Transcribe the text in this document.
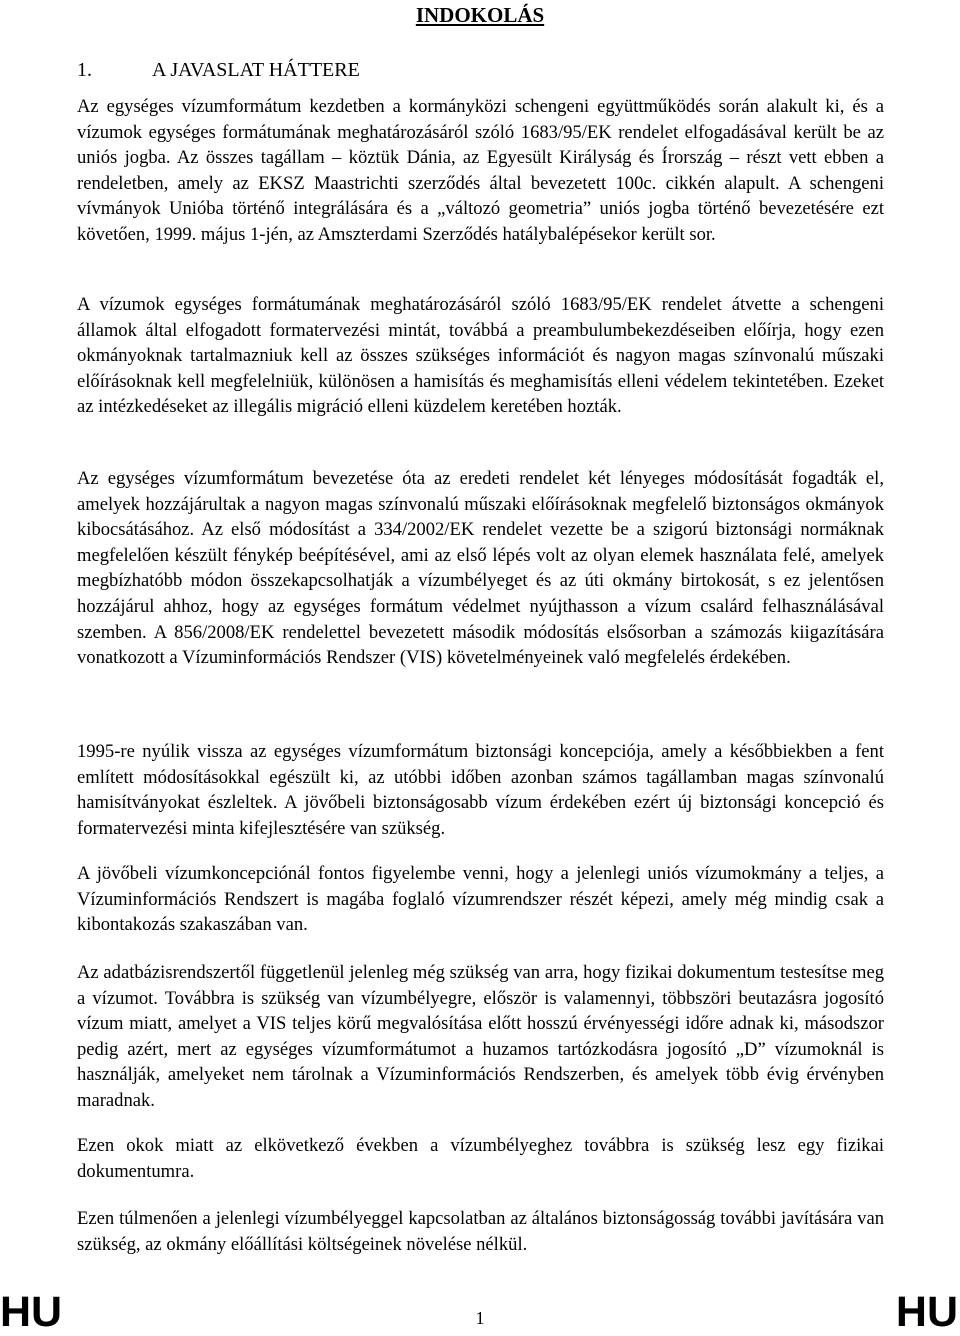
INDOKOLÁS
1.	A JAVASLAT HÁTTERE

Az egységes vízumformátum kezdetben a kormányközi schengeni együttműködés során alakult ki, és a vízumok egységes formátumának meghatározásáról szóló 1683/95/EK rendelet elfogadásával került be az uniós jogba. Az összes tagállam – köztük Dánia, az Egyesült Királyság és Írország – részt vett ebben a rendeletben, amely az EKSZ Maastrichti szerződés által bevezetett 100c. cikkén alapult. A schengeni vívmányok Unióba történő integrálására és a „változó geometria” uniós jogba történő bevezetésére ezt követően, 1999. május 1-jén, az Amszterdami Szerződés hatálybalépésekor került sor.

A vízumok egységes formátumának meghatározásáról szóló 1683/95/EK rendelet átvette a schengeni államok által elfogadott formatervezési mintát, továbbá a preambulumbekezdéseiben előírja, hogy ezen okmányoknak tartalmazniuk kell az összes szükséges információt és nagyon magas színvonalú műszaki előírásoknak kell megfelelniük, különösen a hamisítás és meghamisítás elleni védelem tekintetében. Ezeket az intézkedéseket az illegális migráció elleni küzdelem keretében hozták.

Az egységes vízumformátum bevezetése óta az eredeti rendelet két lényeges módosítását fogadták el, amelyek hozzájárultak a nagyon magas színvonalú műszaki előírásoknak megfelelő biztonságos okmányok kibocsátásához. Az első módosítást a 334/2002/EK rendelet vezette be a szigorú biztonsági normáknak megfelelően készült fénykép beépítésével, ami az első lépés volt az olyan elemek használata felé, amelyek megbízhatóbb módon összekapcsolhatják a vízumbélyeget és az úti okmány birtokosát, s ez jelentősen hozzájárul ahhoz, hogy az egységes formátum védelmet nyújthasson a vízum csalárd felhasználásával szemben. A 856/2008/EK rendelettel bevezetett második módosítás elsősorban a számozás kiigazítására vonatkozott a Vízuminformációs Rendszer (VIS) követelményeinek való megfelelés érdekében.

1995-re nyúlik vissza az egységes vízumformátum biztonsági koncepciója, amely a későbbiekben a fent említett módosításokkal egészült ki, az utóbbi időben azonban számos tagállamban magas színvonalú hamisítványokat észleltek. A jövőbeli biztonságosabb vízum érdekében ezért új biztonsági koncepció és formatervezési minta kifejlesztésére van szükség.

A jövőbeli vízumkoncepciónál fontos figyelembe venni, hogy a jelenlegi uniós vízumokmány a teljes, a Vízuminformációs Rendszert is magába foglaló vízumrendszer részét képezi, amely még mindig csak a kibontakozás szakaszában van.

Az adatbázisrendszertől függetlenül jelenleg még szükség van arra, hogy fizikai dokumentum testesítse meg a vízumot. Továbbra is szükség van vízumbélyegre, először is valamennyi, többszöri beutazásra jogosító vízum miatt, amelyet a VIS teljes körű megvalósítása előtt hosszú érvényességi időre adnak ki, másodszor pedig azért, mert az egységes vízumformátumot a huzamos tartózkodásra jogosító „D” vízumoknál is használják, amelyeket nem tárolnak a Vízuminformációs Rendszerben, és amelyek több évig érvényben maradnak.

Ezen okok miatt az elkövetkező években a vízumbélyeghez továbbra is szükség lesz egy fizikai dokumentumra.

Ezen túlmenően a jelenlegi vízumbélyeggel kapcsolatban az általános biztonságosság további javítására van szükség, az okmány előállítási költségeinek növelése nélkül.

HU	1	HU
